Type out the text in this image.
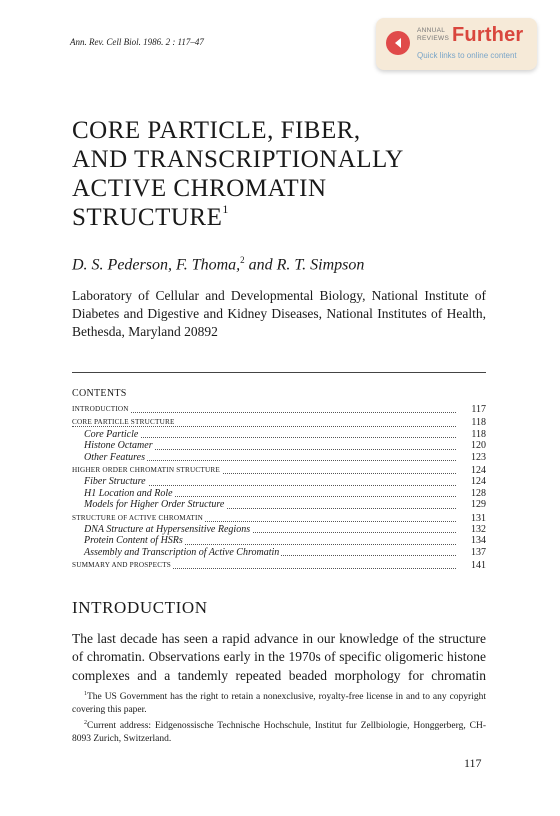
Ann. Rev. Cell Biol. 1986. 2 : 117–47
ANNUAL
REVIEWS Further
Quick links to online content
CORE PARTICLE, FIBER,
AND TRANSCRIPTIONALLY
ACTIVE CHROMATIN
STRUCTURE$^1$
D. S. Pederson, F. Thoma,$^2$ and R. T. Simpson
Laboratory of Cellular and Developmental Biology, National Institute of Diabetes and Digestive and Kidney Diseases, National Institutes of Health, Bethesda, Maryland 20892
CONTENTS
INTRODUCTION	117
CORE PARTICLE STRUCTURE	118
Core Particle	118
Histone Octamer	120
Other Features	123
HIGHER ORDER CHROMATIN STRUCTURE	124
Fiber Structure	124
H1 Location and Role	128
Models for Higher Order Structure	129
STRUCTURE OF ACTIVE CHROMATIN	131
DNA Structure at Hypersensitive Regions	132
Protein Content of HSRs	134
Assembly and Transcription of Active Chromatin	137
SUMMARY AND PROSPECTS	141
INTRODUCTION
The last decade has seen a rapid advance in our knowledge of the structure
of chromatin. Observations early in the 1970s of specific oligomeric histone
complexes and a tandemly repeated beaded morphology for chromatin

$^1$The US Government has the right to retain a nonexclusive, royalty-free license in and to any copyright covering this paper.

$^2$Current address: Eidgenossische Technische Hochschule, Institut fur Zellbiologie, Honggerberg, CH-8093 Zurich, Switzerland.

117
